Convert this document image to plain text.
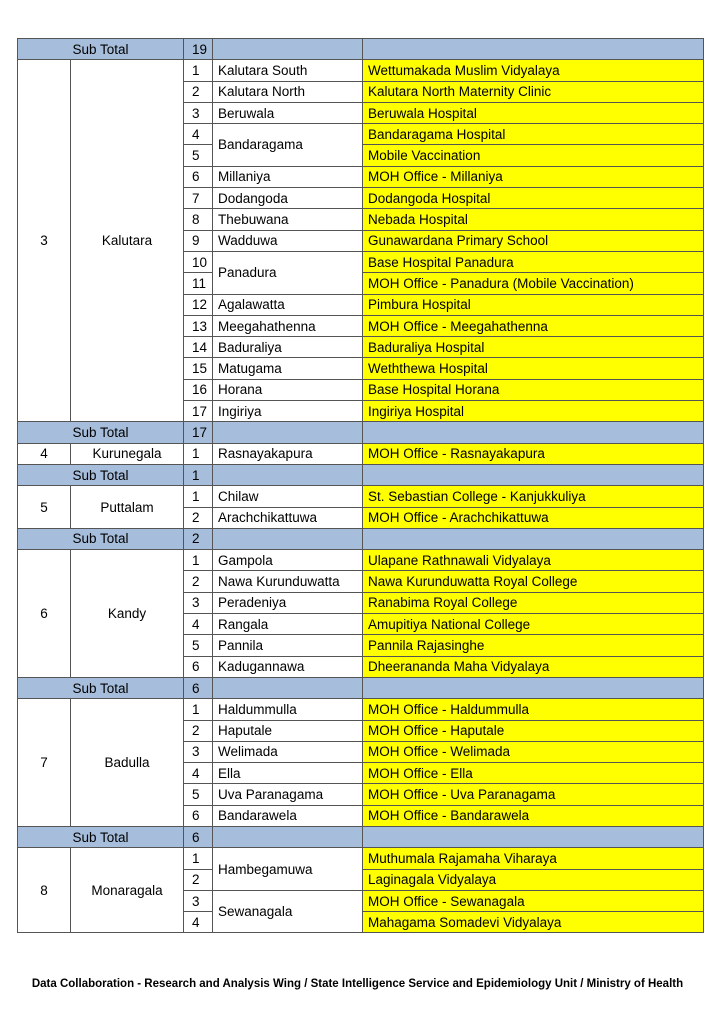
Sub Total		19		
3	Kalutara	1	Kalutara South	Wettumakada Muslim Vidyalaya
		2	Kalutara North	Kalutara North Maternity Clinic
		3	Beruwala	Beruwala Hospital
		4	Bandaragama	Bandaragama Hospital
		5		Mobile Vaccination
		6	Millaniya	MOH Office - Millaniya
		7	Dodangoda	Dodangoda Hospital
		8	Thebuwana	Nebada Hospital
		9	Wadduwa	Gunawardana Primary School
		10	Panadura	Base Hospital Panadura
		11		MOH Office - Panadura (Mobile Vaccination)
		12	Agalawatta	Pimbura Hospital
		13	Meegahathenna	MOH Office - Meegahathenna
		14	Baduraliya	Baduraliya Hospital
		15	Matugama	Weththewa Hospital
		16	Horana	Base Hospital Horana
		17	Ingiriya	Ingiriya Hospital
Sub Total		17		
4	Kurunegala	1	Rasnayakapura	MOH Office - Rasnayakapura
Sub Total		1		
5	Puttalam	1	Chilaw	St. Sebastian College - Kanjukkuliya
		2	Arachchikattuwa	MOH Office - Arachchikattuwa
Sub Total		2		
6	Kandy	1	Gampola	Ulapane Rathnawali Vidyalaya
		2	Nawa Kurunduwatta	Nawa Kurunduwatta Royal College
		3	Peradeniya	Ranabima Royal College
		4	Rangala	Amupitiya National College
		5	Pannila	Pannila Rajasinghe
		6	Kadugannawa	Dheerananda Maha Vidyalaya
Sub Total		6		
7	Badulla	1	Haldummulla	MOH Office - Haldummulla
		2	Haputale	MOH Office - Haputale
		3	Welimada	MOH Office - Welimada
		4	Ella	MOH Office - Ella
		5	Uva Paranagama	MOH Office - Uva Paranagama
		6	Bandarawela	MOH Office - Bandarawela
Sub Total		6		
8	Monaragala	1	Hambegamuwa	Muthumala Rajamaha Viharaya
		2		Laginagala Vidyalaya
		3	Sewanagala	MOH Office - Sewanagala
		4		Mahagama Somadevi Vidyalaya
Data Collaboration - Research and Analysis Wing / State Intelligence Service and Epidemiology Unit / Ministry of Health
